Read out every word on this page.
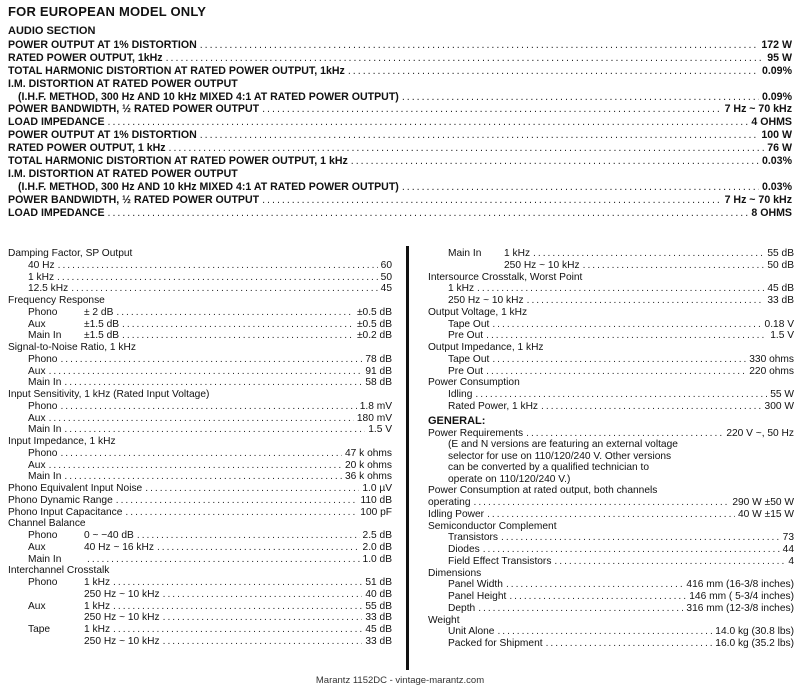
FOR EUROPEAN MODEL ONLY
AUDIO SECTION
POWER OUTPUT AT 1% DISTORTION .....	172 W
RATED POWER OUTPUT, 1kHz .....	95 W
TOTAL HARMONIC DISTORTION AT RATED POWER OUTPUT, 1kHz .....	0.09%
I.M. DISTORTION AT RATED POWER OUTPUT
(I.H.F. METHOD, 300 Hz AND 10 kHz MIXED 4:1 AT RATED POWER OUTPUT) .....	0.09%
POWER BANDWIDTH, ½ RATED POWER OUTPUT .....	7 Hz ~ 70 kHz
LOAD IMPEDANCE .....	4 OHMS
POWER OUTPUT AT 1% DISTORTION .....	100 W
RATED POWER OUTPUT, 1 kHz .....	76 W
TOTAL HARMONIC DISTORTION AT RATED POWER OUTPUT, 1 kHz .....	0.03%
I.M. DISTORTION AT RATED POWER OUTPUT
(I.H.F. METHOD, 300 Hz AND 10 kHz MIXED 4:1 AT RATED POWER OUTPUT) .....	0.03%
POWER BANDWIDTH, ½ RATED POWER OUTPUT .....	7 Hz ~ 70 kHz
LOAD IMPEDANCE .....	8 OHMS
Damping Factor, SP Output
40 Hz .....	60
1 kHz .....	50
12.5 kHz .....	45
Frequency Response
Phono	± 2 dB .....	±0.5 dB
Aux	±1.5 dB .....	±0.5 dB
Main In ±1.5 dB .....	±0.2 dB
Signal-to-Noise Ratio, 1 kHz
Phono .....	78 dB
Aux .....	91 dB
Main In .....	58 dB
Input Sensitivity, 1 kHz (Rated Input Voltage)
Phono .....	1.8 mV
Aux .....	180 mV
Main In .....	1.5 V
Input Impedance, 1 kHz
Phono .....	47 k ohms
Aux .....	20 k ohms
Main In .....	36 k ohms
Phono Equivalent Input Noise .....	1.0 µV
Phono Dynamic Range .....	110 dB
Phono Input Capacitance .....	100 pF
Channel Balance
Phono	0 ~ −40 dB .....	2.5 dB
Aux	40 Hz ~ 16 kHz .....	2.0 dB
Main In .....	1.0 dB
Interchannel Crosstalk
Phono	1 kHz .....	51 dB
250 Hz ~ 10 kHz .....	40 dB
Aux	1 kHz .....	55 dB
250 Hz ~ 10 kHz .....	33 dB
Tape	1 kHz .....	45 dB
250 Hz ~ 10 kHz .....	33 dB
Main In 1 kHz .....	55 dB
250 Hz ~ 10 kHz .....	50 dB
Intersource Crosstalk, Worst Point
1 kHz .....	45 dB
250 Hz ~ 10 kHz .....	33 dB
Output Voltage, 1 kHz
Tape Out .....	0.18 V
Pre Out .....	1.5 V
Output Impedance, 1 kHz
Tape Out .....	330 ohms
Pre Out .....	220 ohms
Power Consumption
Idling .....	55 W
Rated Power, 1 kHz .....	300 W
GENERAL:
Power Requirements .....	220 V ~, 50 Hz
(E and N versions are featuring an external voltage
selector for use on 110/120/240 V. Other versions
can be converted by a qualified technician to
operate on 110/120/240 V.)
Power Consumption at rated output, both channels
operating .....	290 W ±50 W
Idling Power .....	40 W ±15 W
Semiconductor Complement
Transistors .....	73
Diodes .....	44
Field Effect Transistors .....	4
Dimensions
Panel Width .....	416 mm (16-3/8 inches)
Panel Height .....	146 mm ( 5-3/4 inches)
Depth .....	316 mm (12-3/8 inches)
Weight
Unit Alone .....	14.0 kg (30.8 lbs)
Packed for Shipment .....	16.0 kg (35.2 lbs)
Marantz 1152DC - vintage-marantz.com
